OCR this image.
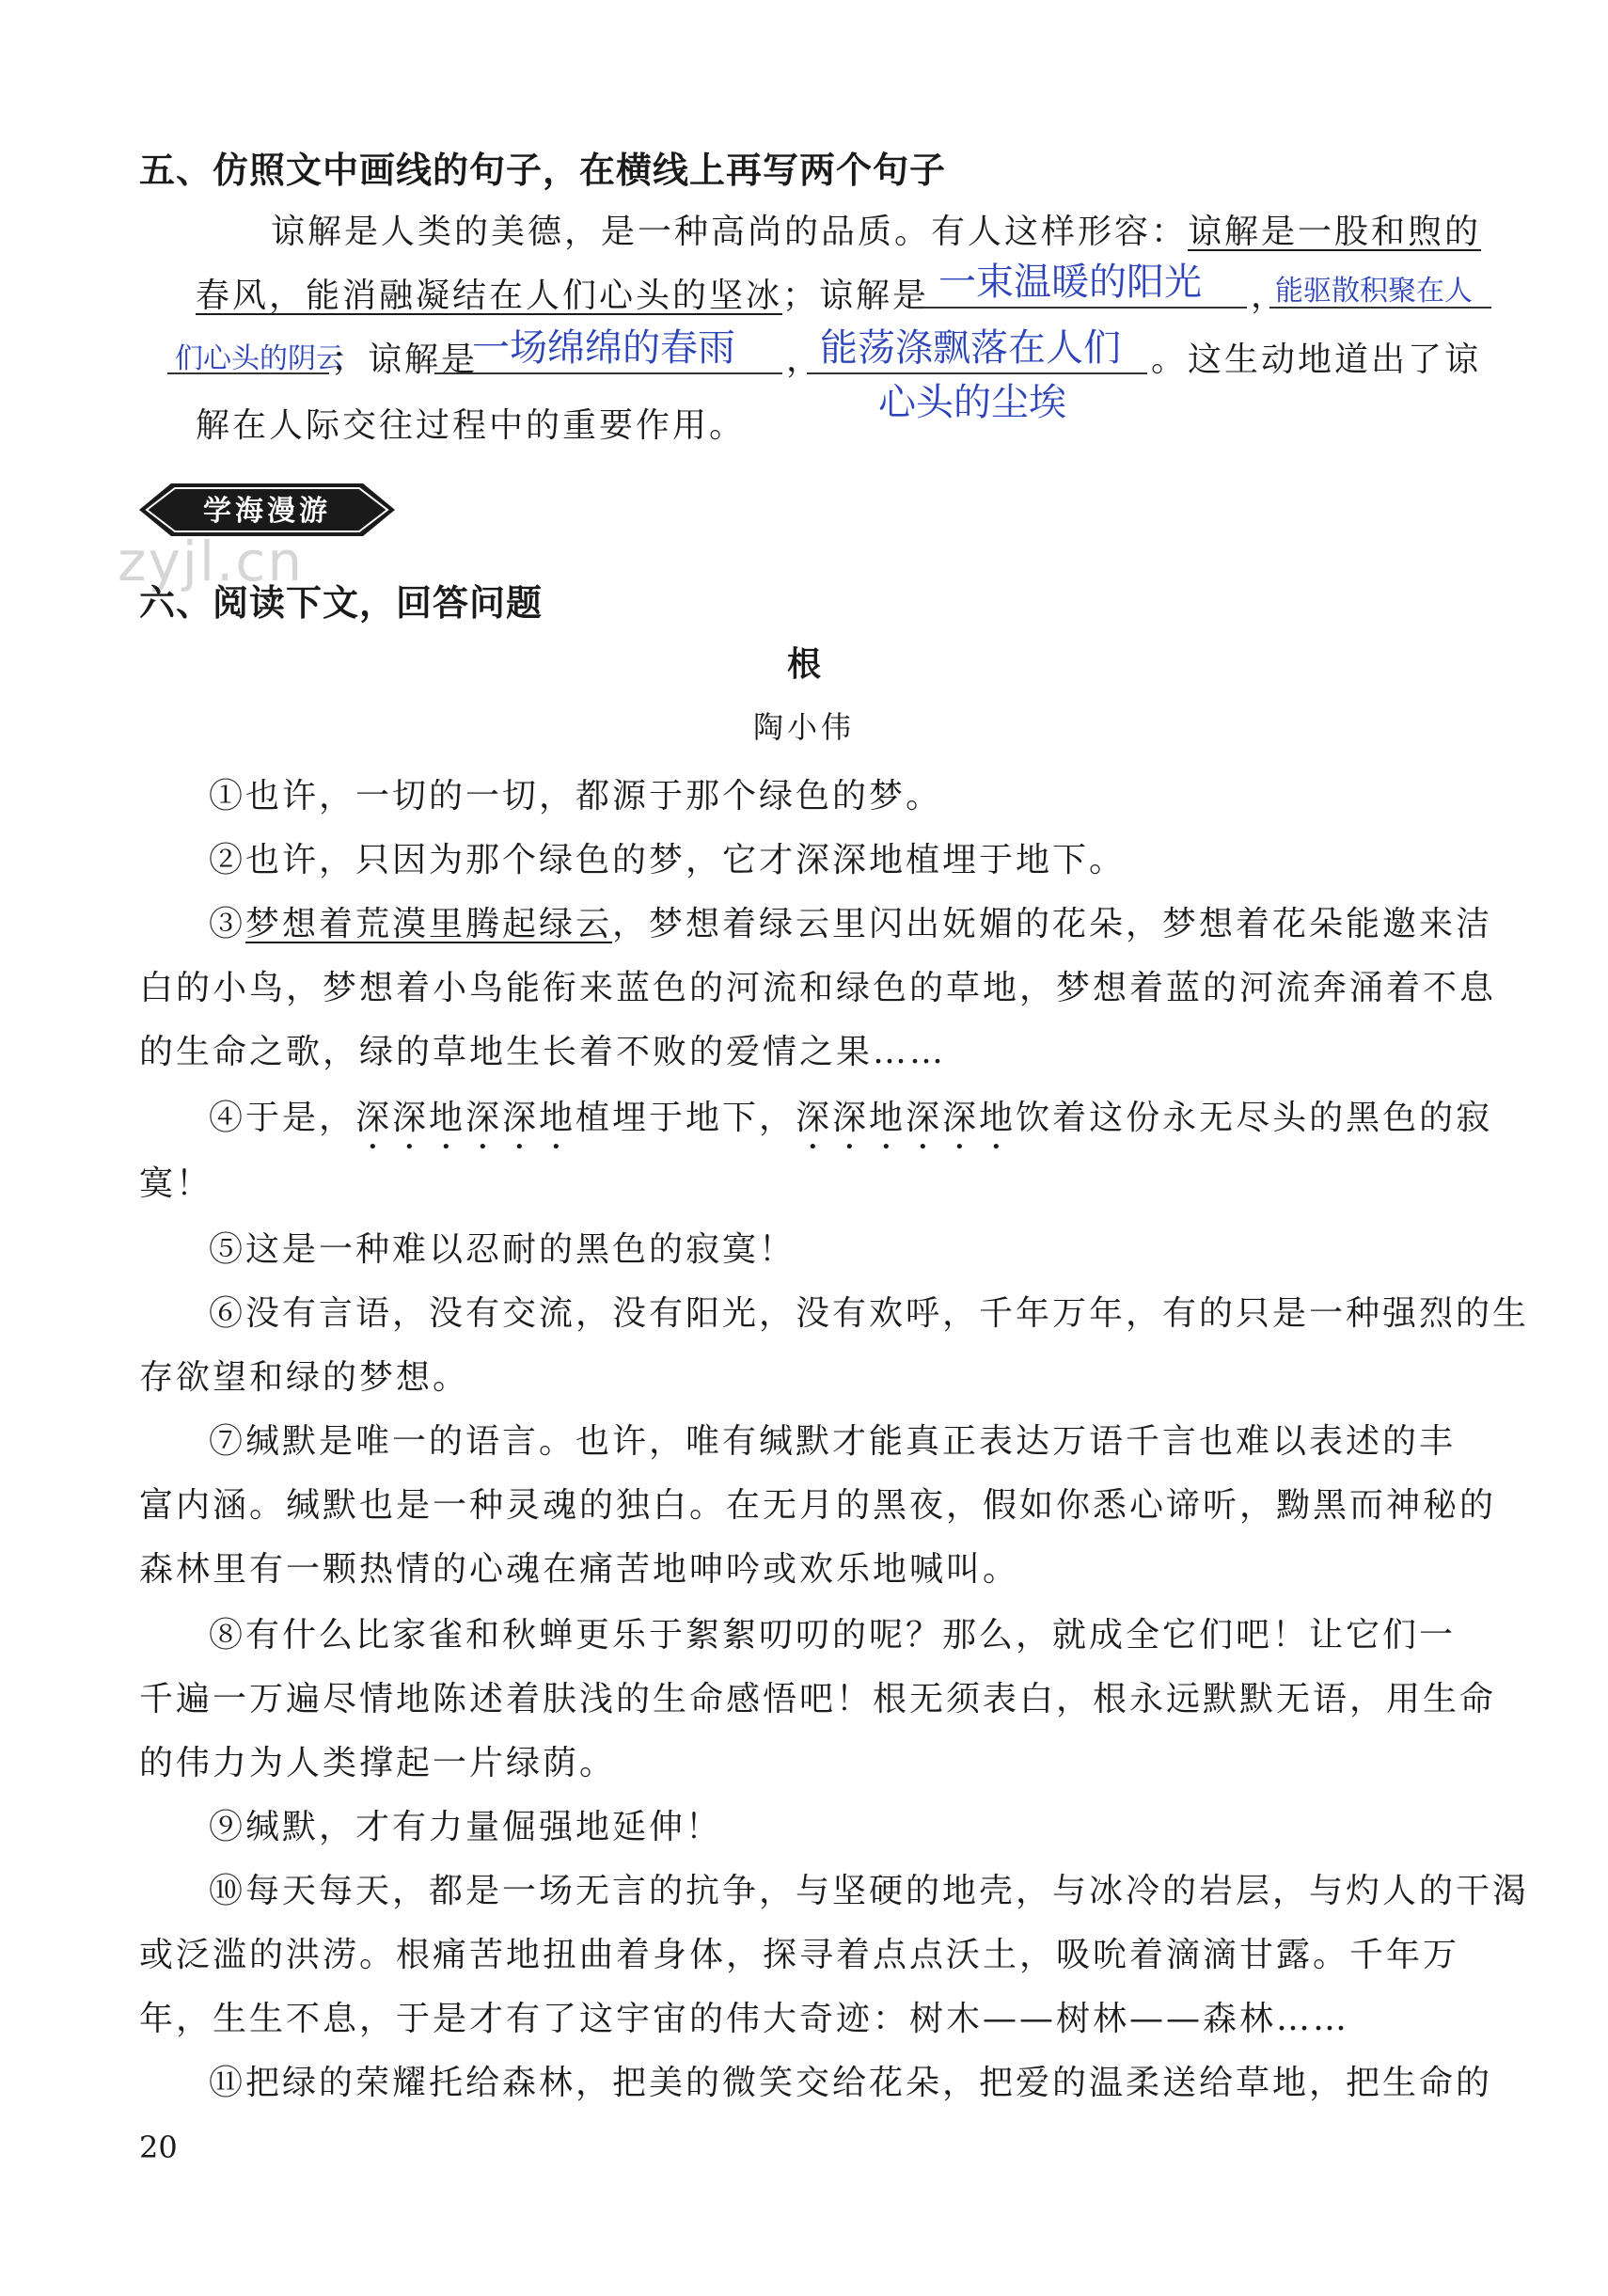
五、仿照文中画线的句子，在横线上再写两个句子
谅解是人类的美德，是一种高尚的品质。有人这样形容：谅解是一股和煦的
春风，能消融凝结在人们心头的坚冰；谅解是	，
一束温暖的阳光	能驱散积聚在人
们心头的阴云
；谅解是
一场绵绵的春雨 ，
能荡涤飘落在人们 。这生动地道出了谅
心头的尘埃
解在人际交往过程中的重要作用。
学海漫游
zyjl.cn
六、阅读下文，回答问题
根
陶小伟
①也许，一切的一切，都源于那个绿色的梦。
②也许，只因为那个绿色的梦，它才深深地植埋于地下。
③梦想着荒漠里腾起绿云，梦想着绿云里闪出妩媚的花朵，梦想着花朵能邀来洁
白的小鸟，梦想着小鸟能衔来蓝色的河流和绿色的草地，梦想着蓝的河流奔涌着不息
的生命之歌，绿的草地生长着不败的爱情之果……
④于是，深深地深深地植埋于地下，深深地深深地饮着这份永无尽头的黑色的寂
寞！
⑤这是一种难以忍耐的黑色的寂寞！
⑥没有言语，没有交流，没有阳光，没有欢呼，千年万年，有的只是一种强烈的生
存欲望和绿的梦想。
⑦缄默是唯一的语言。也许，唯有缄默才能真正表达万语千言也难以表述的丰
富内涵。缄默也是一种灵魂的独白。在无月的黑夜，假如你悉心谛听，黝黑而神秘的
森林里有一颗热情的心魂在痛苦地呻吟或欢乐地喊叫。
⑧有什么比家雀和秋蝉更乐于絮絮叨叨的呢？那么，就成全它们吧！让它们一
千遍一万遍尽情地陈述着肤浅的生命感悟吧！根无须表白，根永远默默无语，用生命
的伟力为人类撑起一片绿荫。
⑨缄默，才有力量倔强地延伸！
⑩每天每天，都是一场无言的抗争，与坚硬的地壳，与冰冷的岩层，与灼人的干渴
或泛滥的洪涝。根痛苦地扭曲着身体，探寻着点点沃土，吸吮着滴滴甘露。千年万
年，生生不息，于是才有了这宇宙的伟大奇迹：树木——树林——森林……
⑪把绿的荣耀托给森林，把美的微笑交给花朵，把爱的温柔送给草地，把生命的
20
